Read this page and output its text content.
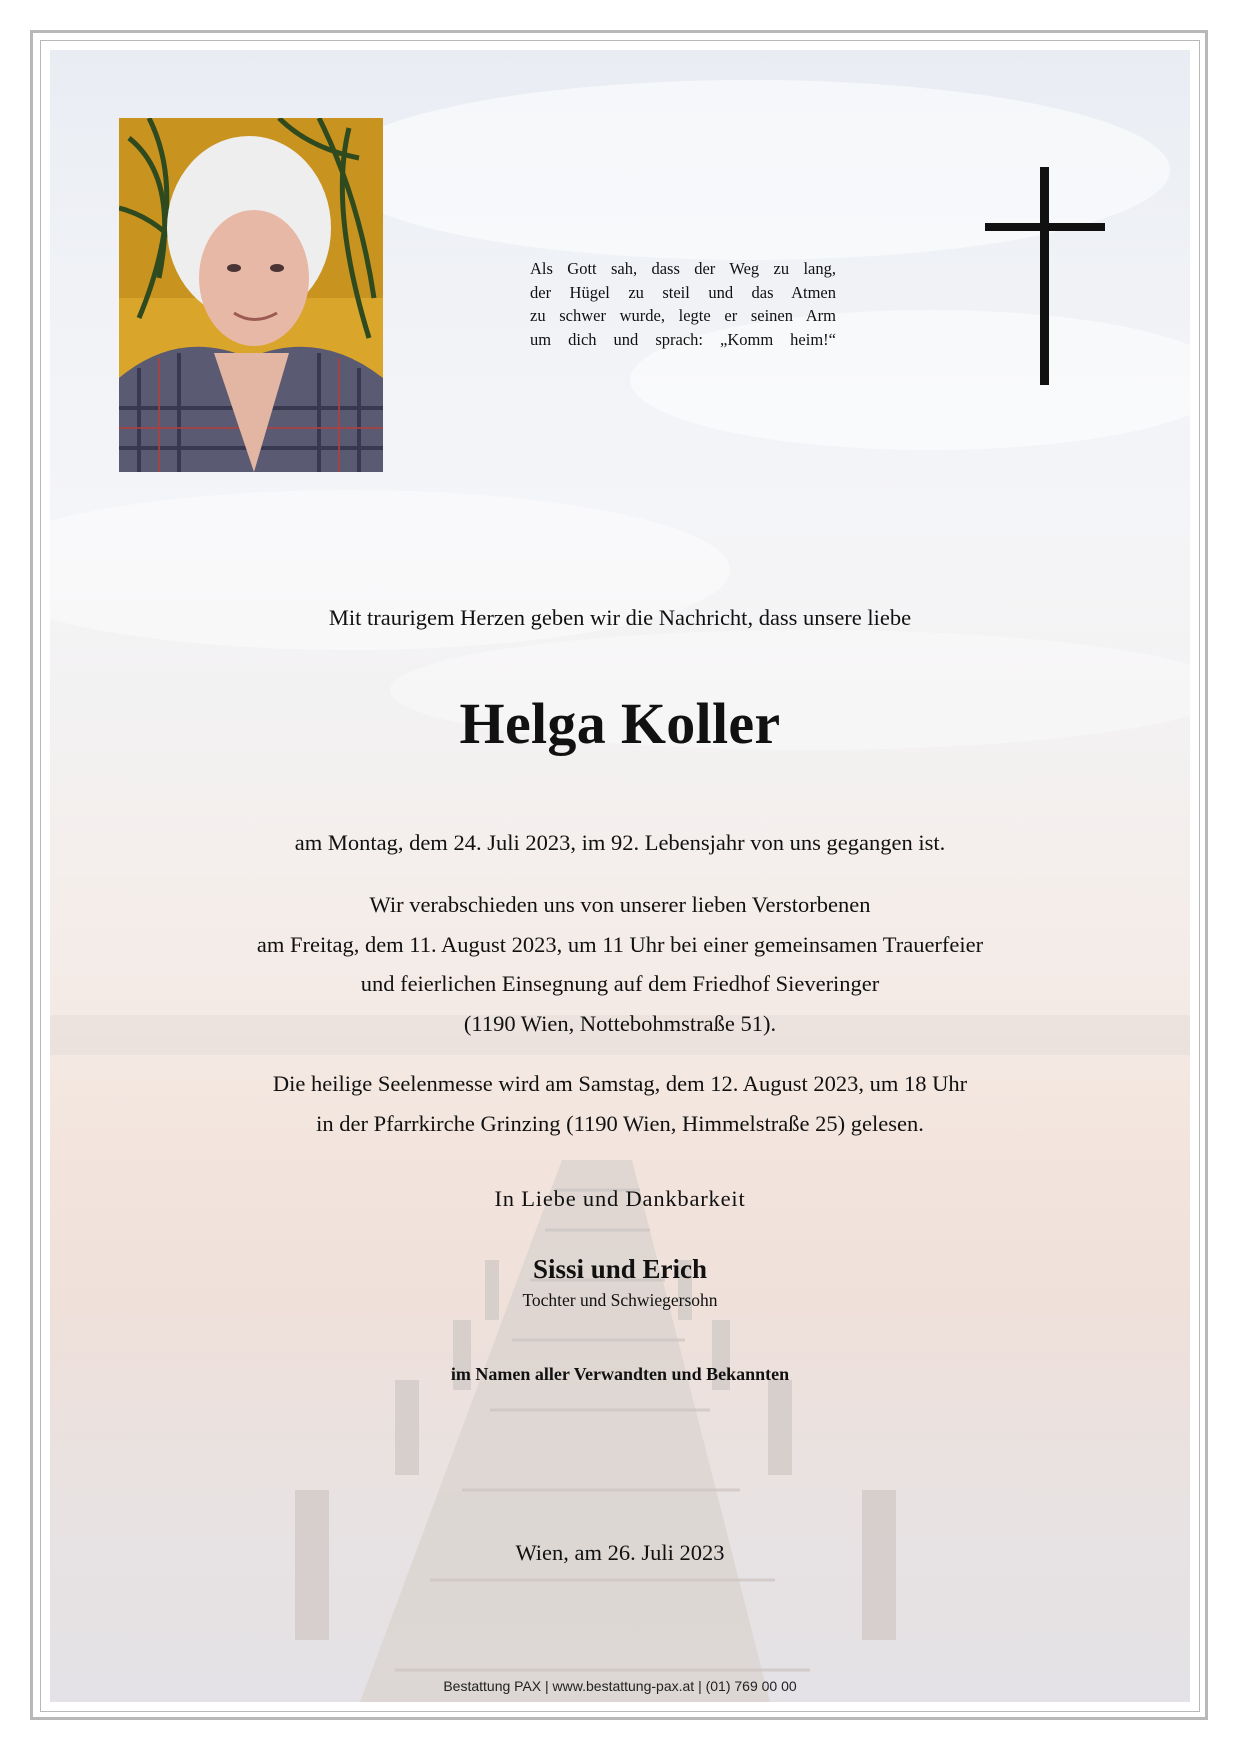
Als Gott sah, dass der Weg zu lang,
der Hügel zu steil und das Atmen
zu schwer wurde, legte er seinen Arm
um dich und sprach: „Komm heim!“
Mit traurigem Herzen geben wir die Nachricht, dass unsere liebe
Helga Koller
am Montag, dem 24. Juli 2023, im 92. Lebensjahr von uns gegangen ist.
Wir verabschieden uns von unserer lieben Verstorbenen
am Freitag, dem 11. August 2023, um 11 Uhr bei einer gemeinsamen Trauerfeier
und feierlichen Einsegnung auf dem Friedhof Sieveringer
(1190 Wien, Nottebohmstraße 51).
Die heilige Seelenmesse wird am Samstag, dem 12. August 2023, um 18 Uhr
in der Pfarrkirche Grinzing (1190 Wien, Himmelstraße 25) gelesen.
In Liebe und Dankbarkeit
Sissi und Erich
Tochter und Schwiegersohn
im Namen aller Verwandten und Bekannten
Wien, am 26. Juli 2023
Bestattung PAX | www.bestattung-pax.at | (01) 769 00 00
